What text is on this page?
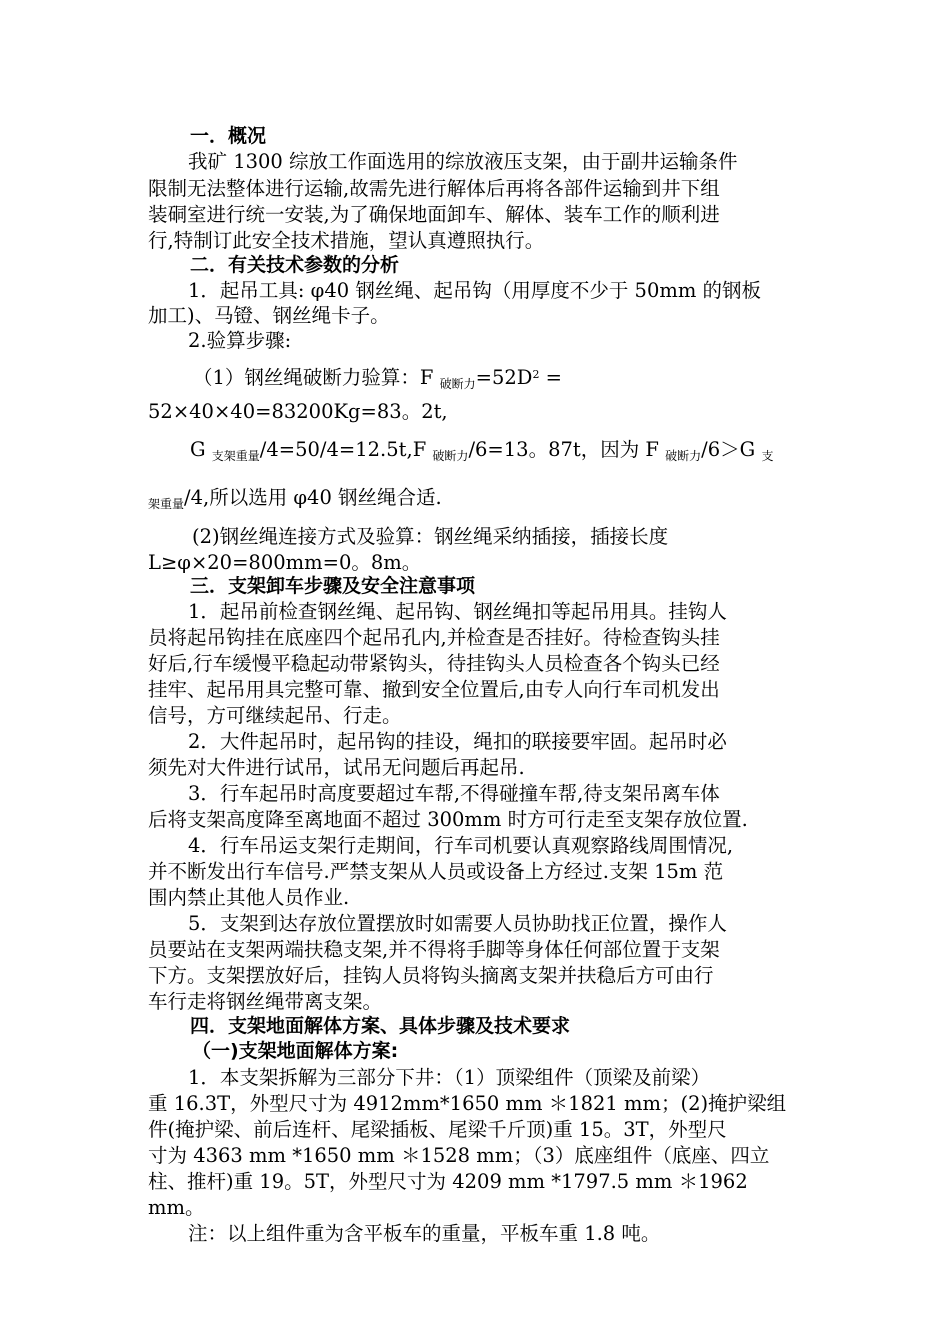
一．概况

我矿 1300 综放工作面选用的综放液压支架，由于副井运输条件

限制无法整体进行运输,故需先进行解体后再将各部件运输到井下组

装硐室进行统一安装,为了确保地面卸车、解体、装车工作的顺利进

行,特制订此安全技术措施，望认真遵照执行。

二．有关技术参数的分析

1．起吊工具: φ40 钢丝绳、起吊钩（用厚度不少于 50mm 的钢板

加工)、马镫、钢丝绳卡子。

2.验算步骤:

（1）钢丝绳破断力验算：F $_{破断力}=52D^2$ =

52×40×40=83200Kg=83。2t,

G $_{支架重量}$/4=50/4=12.5t,F $_{破断力}$/6=13。87t，因为 F $_{破断力}$/6＞G $_支$

$_{架重量}$/4,所以选用 φ40 钢丝绳合适.

(2)钢丝绳连接方式及验算：钢丝绳采纳插接，插接长度

L≥φ×20=800mm=0。8m。

三．支架卸车步骤及安全注意事项

1．起吊前检查钢丝绳、起吊钩、钢丝绳扣等起吊用具。挂钩人

员将起吊钩挂在底座四个起吊孔内,并检查是否挂好。待检查钩头挂

好后,行车缓慢平稳起动带紧钩头，待挂钩头人员检查各个钩头已经

挂牢、起吊用具完整可靠、撤到安全位置后,由专人向行车司机发出

信号，方可继续起吊、行走。

2．大件起吊时，起吊钩的挂设，绳扣的联接要牢固。起吊时必

须先对大件进行试吊，试吊无问题后再起吊.

3．行车起吊时高度要超过车帮,不得碰撞车帮,待支架吊离车体

后将支架高度降至离地面不超过 300mm 时方可行走至支架存放位置.

4．行车吊运支架行走期间，行车司机要认真观察路线周围情况,

并不断发出行车信号.严禁支架从人员或设备上方经过.支架 15m 范

围内禁止其他人员作业.

5．支架到达存放位置摆放时如需要人员协助找正位置，操作人

员要站在支架两端扶稳支架,并不得将手脚等身体任何部位置于支架

下方。支架摆放好后，挂钩人员将钩头摘离支架并扶稳后方可由行

车行走将钢丝绳带离支架。

四．支架地面解体方案、具体步骤及技术要求

（一)支架地面解体方案:

1．本支架拆解为三部分下井：（1）顶梁组件（顶梁及前梁）

重 16.3T，外型尺寸为 4912mm*1650 mm ＊1821 mm；(2)掩护梁组

件(掩护梁、前后连杆、尾梁插板、尾梁千斤顶)重 15。3T，外型尺

寸为 4363 mm *1650 mm ＊1528 mm；（3）底座组件（底座、四立

柱、推杆)重 19。5T，外型尺寸为 4209 mm *1797.5 mm ＊1962

mm。

注：以上组件重为含平板车的重量，平板车重 1.8 吨。
